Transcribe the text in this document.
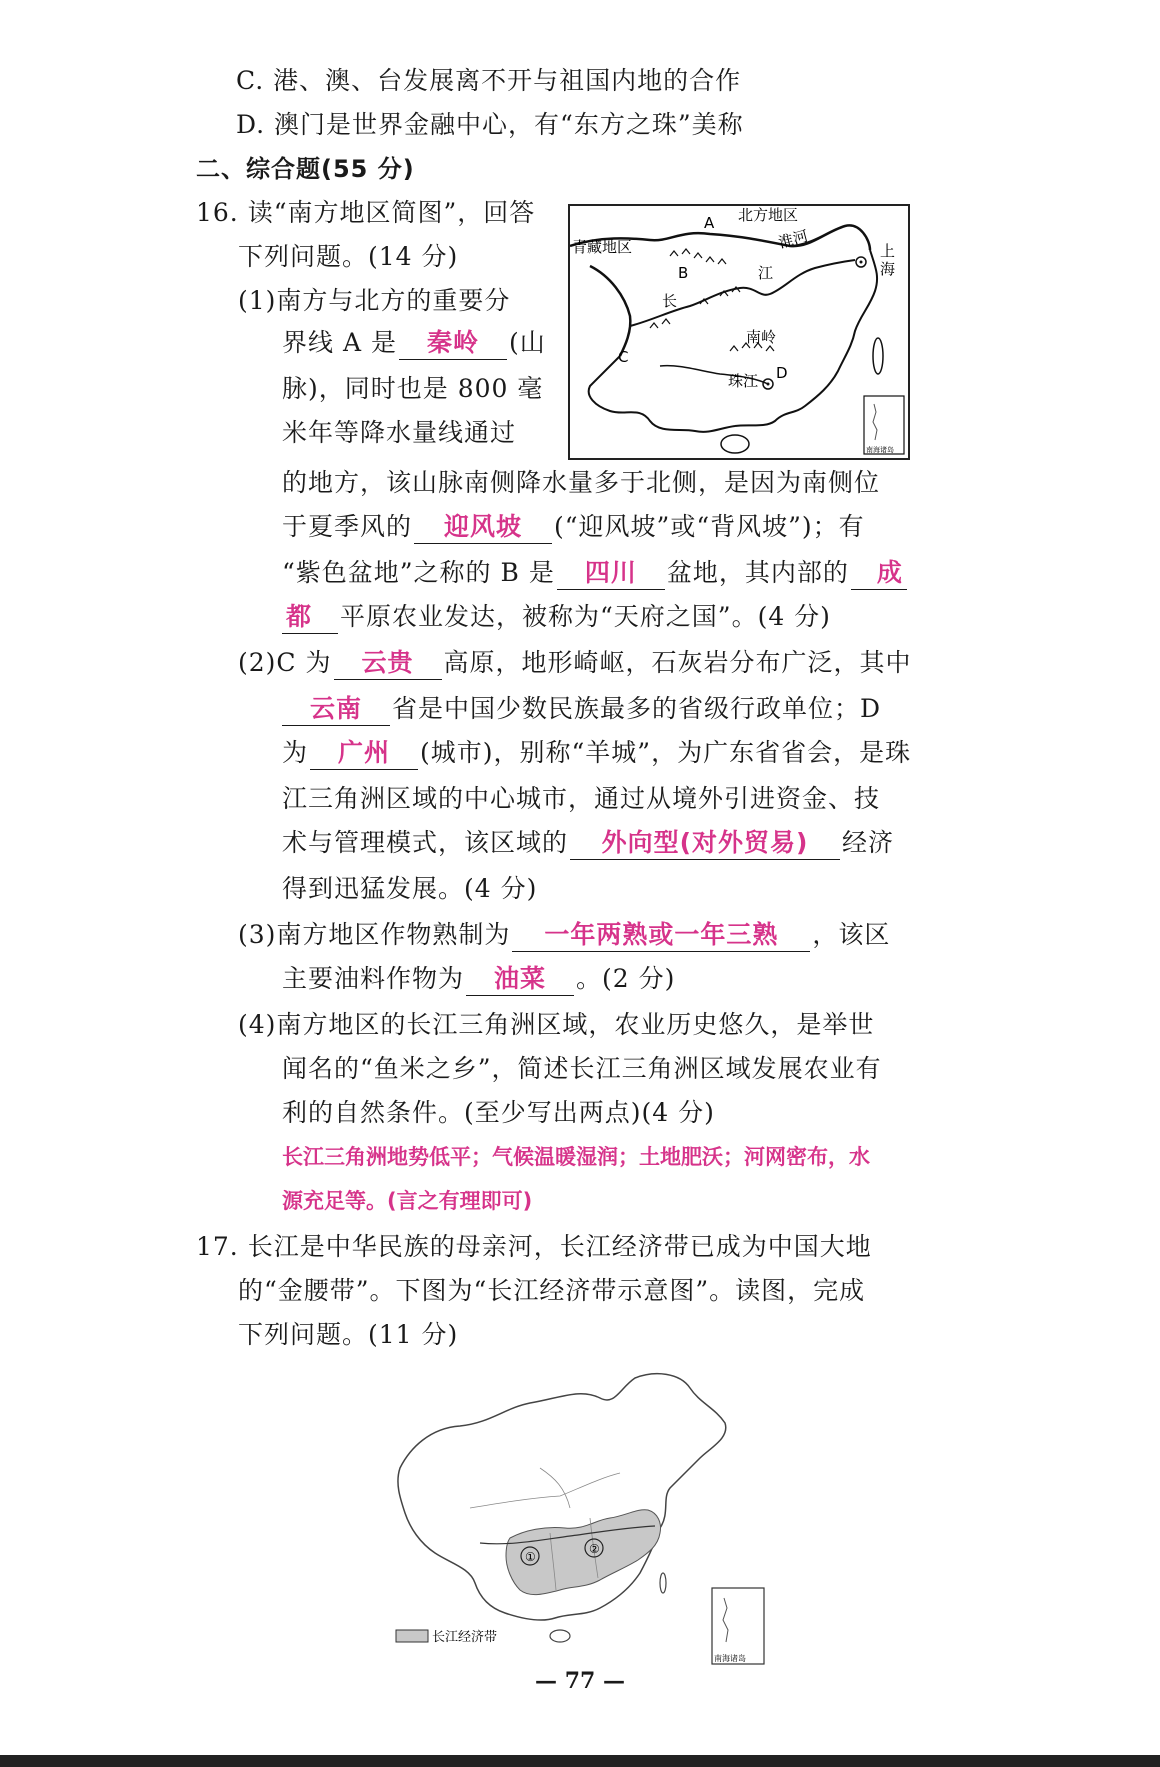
C. 港、澳、台发展离不开与祖国内地的合作
D. 澳门是世界金融中心，有“东方之珠”美称
二、综合题(55 分)
16. 读“南方地区简图”，回答
下列问题。(14 分)
(1)南方与北方的重要分
界线 A 是 秦岭 (山
脉)，同时也是 800 毫
米年等降水量线通过
的地方，该山脉南侧降水量多于北侧，是因为南侧位
于夏季风的 迎风坡 (“迎风坡”或“背风坡”)；有
“紫色盆地”之称的 B 是 四川 盆地，其内部的 成
都 平原农业发达，被称为“天府之国”。(4 分)
(2)C 为 云贵 高原，地形崎岖，石灰岩分布广泛，其中
云南 省是中国少数民族最多的省级行政单位；D
为 广州 (城市)，别称“羊城”，为广东省省会，是珠
江三角洲区域的中心城市，通过从境外引进资金、技
术与管理模式，该区域的 外向型(对外贸易) 经济
得到迅猛发展。(4 分)
(3)南方地区作物熟制为 一年两熟或一年三熟 ，该区
主要油料作物为 油菜 。(2 分)
(4)南方地区的长江三角洲区域，农业历史悠久，是举世
闻名的“鱼米之乡”，简述长江三角洲区域发展农业有
利的自然条件。(至少写出两点)(4 分)
长江三角洲地势低平；气候温暖湿润；土地肥沃；河网密布，水
源充足等。(言之有理即可)
南海诸岛
A 北方地区
淮河
青藏地区
B	江
长
上
海
南岭
C
珠江 D
17. 长江是中华民族的母亲河，长江经济带已成为中国大地
的“金腰带”。下图为“长江经济带示意图”。读图，完成
下列问题。(11 分)
①
②
长江经济带
南海诸岛
— 77 —
